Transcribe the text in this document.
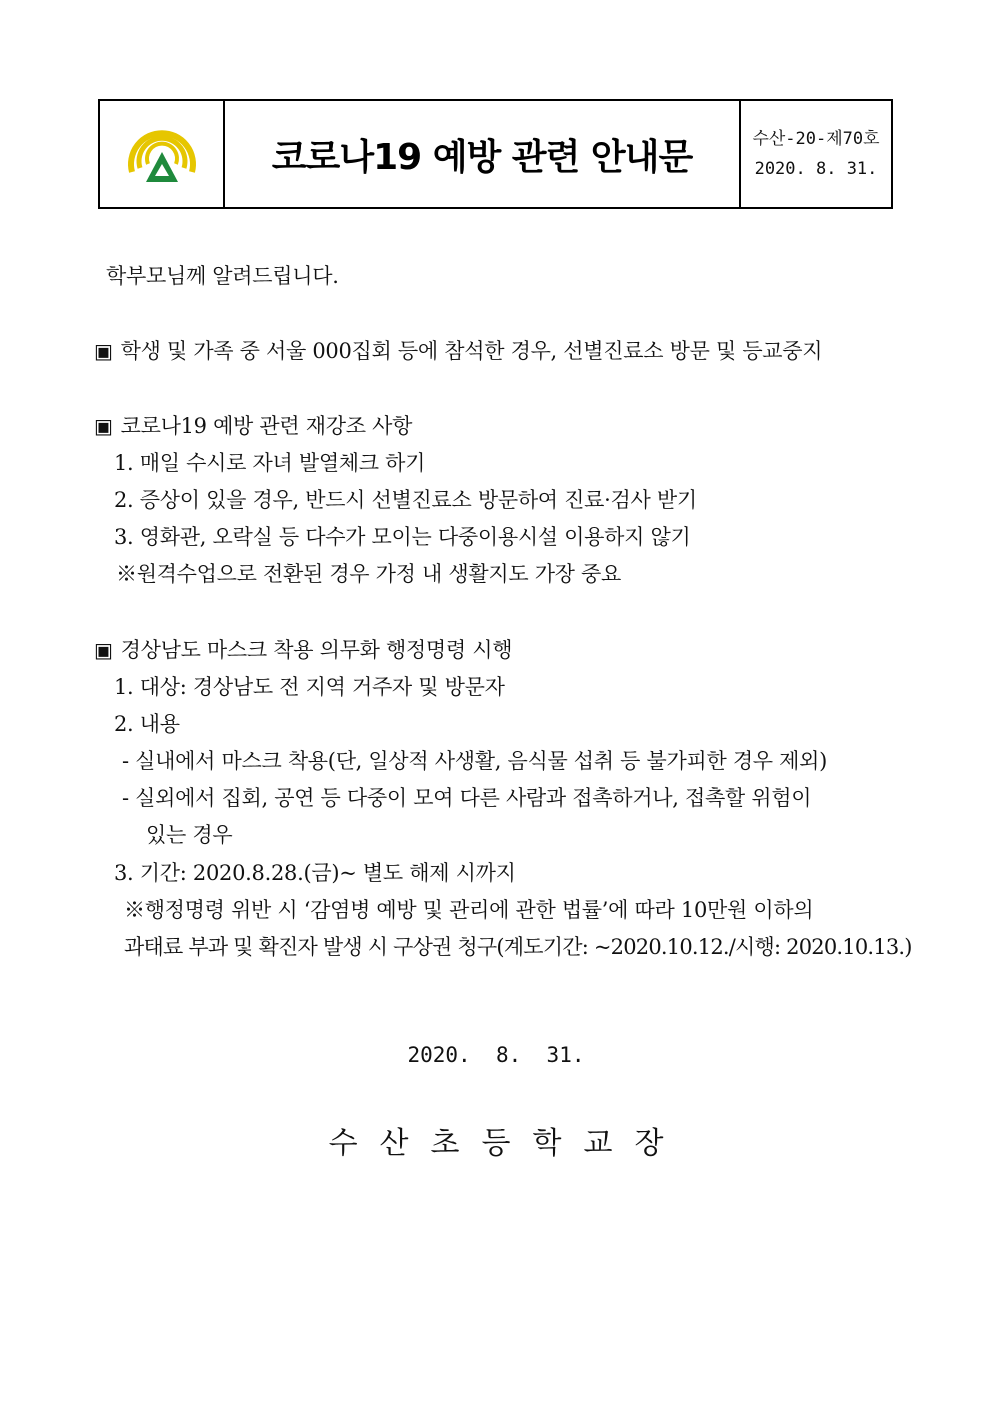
코로나19 예방 관련 안내문	수산-20-제70호
2020. 8. 31.
학부모님께 알려드립니다.
▣ 학생 및 가족 중 서울 000집회 등에 참석한 경우, 선별진료소 방문 및 등교중지
▣ 코로나19 예방 관련 재강조 사항
1. 매일 수시로 자녀 발열체크 하기
2. 증상이 있을 경우, 반드시 선별진료소 방문하여 진료·검사 받기
3. 영화관, 오락실 등 다수가 모이는 다중이용시설 이용하지 않기
※원격수업으로 전환된 경우 가정 내 생활지도 가장 중요
▣ 경상남도 마스크 착용 의무화 행정명령 시행
1. 대상: 경상남도 전 지역 거주자 및 방문자
2. 내용
- 실내에서 마스크 착용(단, 일상적 사생활, 음식물 섭취 등 불가피한 경우 제외)
- 실외에서 집회, 공연 등 다중이 모여 다른 사람과 접촉하거나, 접촉할 위험이
있는 경우
3. 기간: 2020.8.28.(금)~ 별도 해제 시까지
※행정명령 위반 시 ‘감염병 예방 및 관리에 관한 법률’에 따라 10만원 이하의
과태료 부과 및 확진자 발생 시 구상권 청구(계도기간: ~2020.10.12./시행: 2020.10.13.)
2020.  8.  31.
수산초등학교장
